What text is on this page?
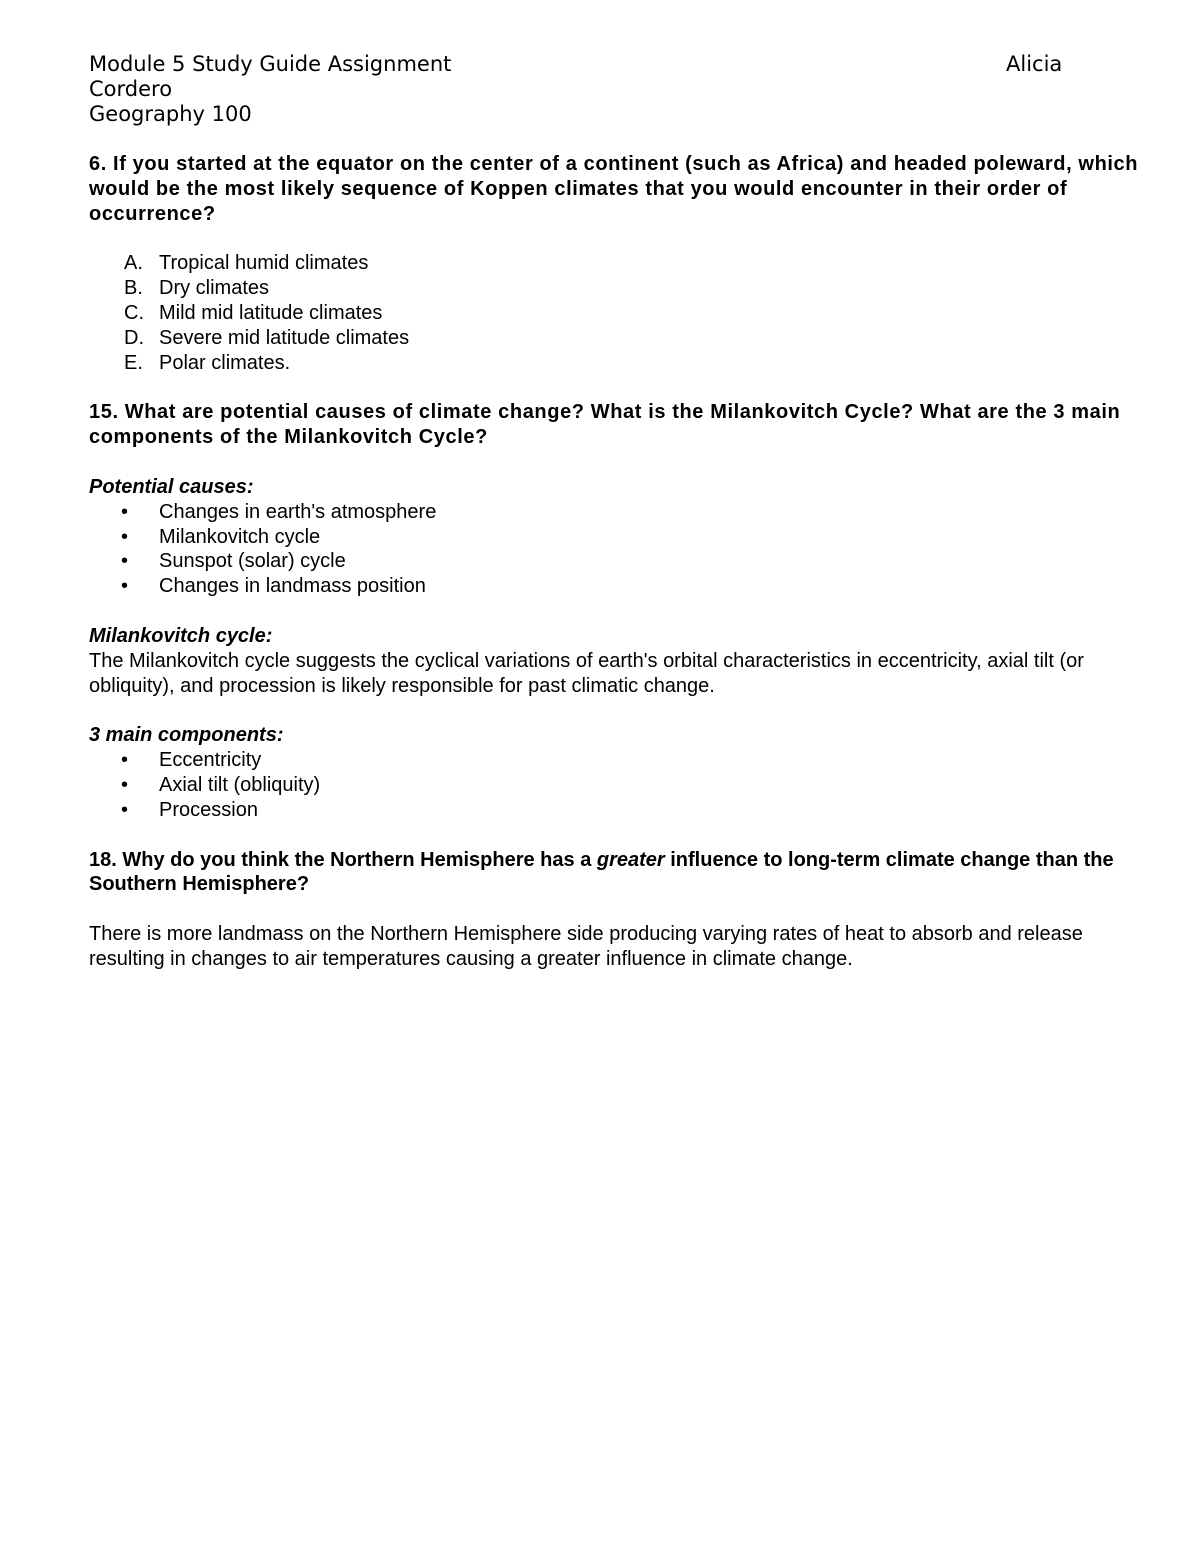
Module 5 Study Guide Assignment	Alicia
Cordero
Geography 100

6. If you started at the equator on the center of a continent (such as Africa) and headed poleward, which would be the most likely sequence of Koppen climates that you would encounter in their order of occurrence?

A. Tropical humid climates
B. Dry climates
C. Mild mid latitude climates
D. Severe mid latitude climates
E. Polar climates.

15. What are potential causes of climate change? What is the Milankovitch Cycle? What are the 3 main components of the Milankovitch Cycle?

Potential causes:

• Changes in earth's atmosphere
• Milankovitch cycle
• Sunspot (solar) cycle
• Changes in landmass position

Milankovitch cycle:

The Milankovitch cycle suggests the cyclical variations of earth's orbital characteristics in eccentricity, axial tilt (or obliquity), and procession is likely responsible for past climatic change.

3 main components:

• Eccentricity
• Axial tilt (obliquity)
• Procession

18. Why do you think the Northern Hemisphere has a greater influence to long-term climate change than the Southern Hemisphere?

There is more landmass on the Northern Hemisphere side producing varying rates of heat to absorb and release resulting in changes to air temperatures causing a greater influence in climate change.
